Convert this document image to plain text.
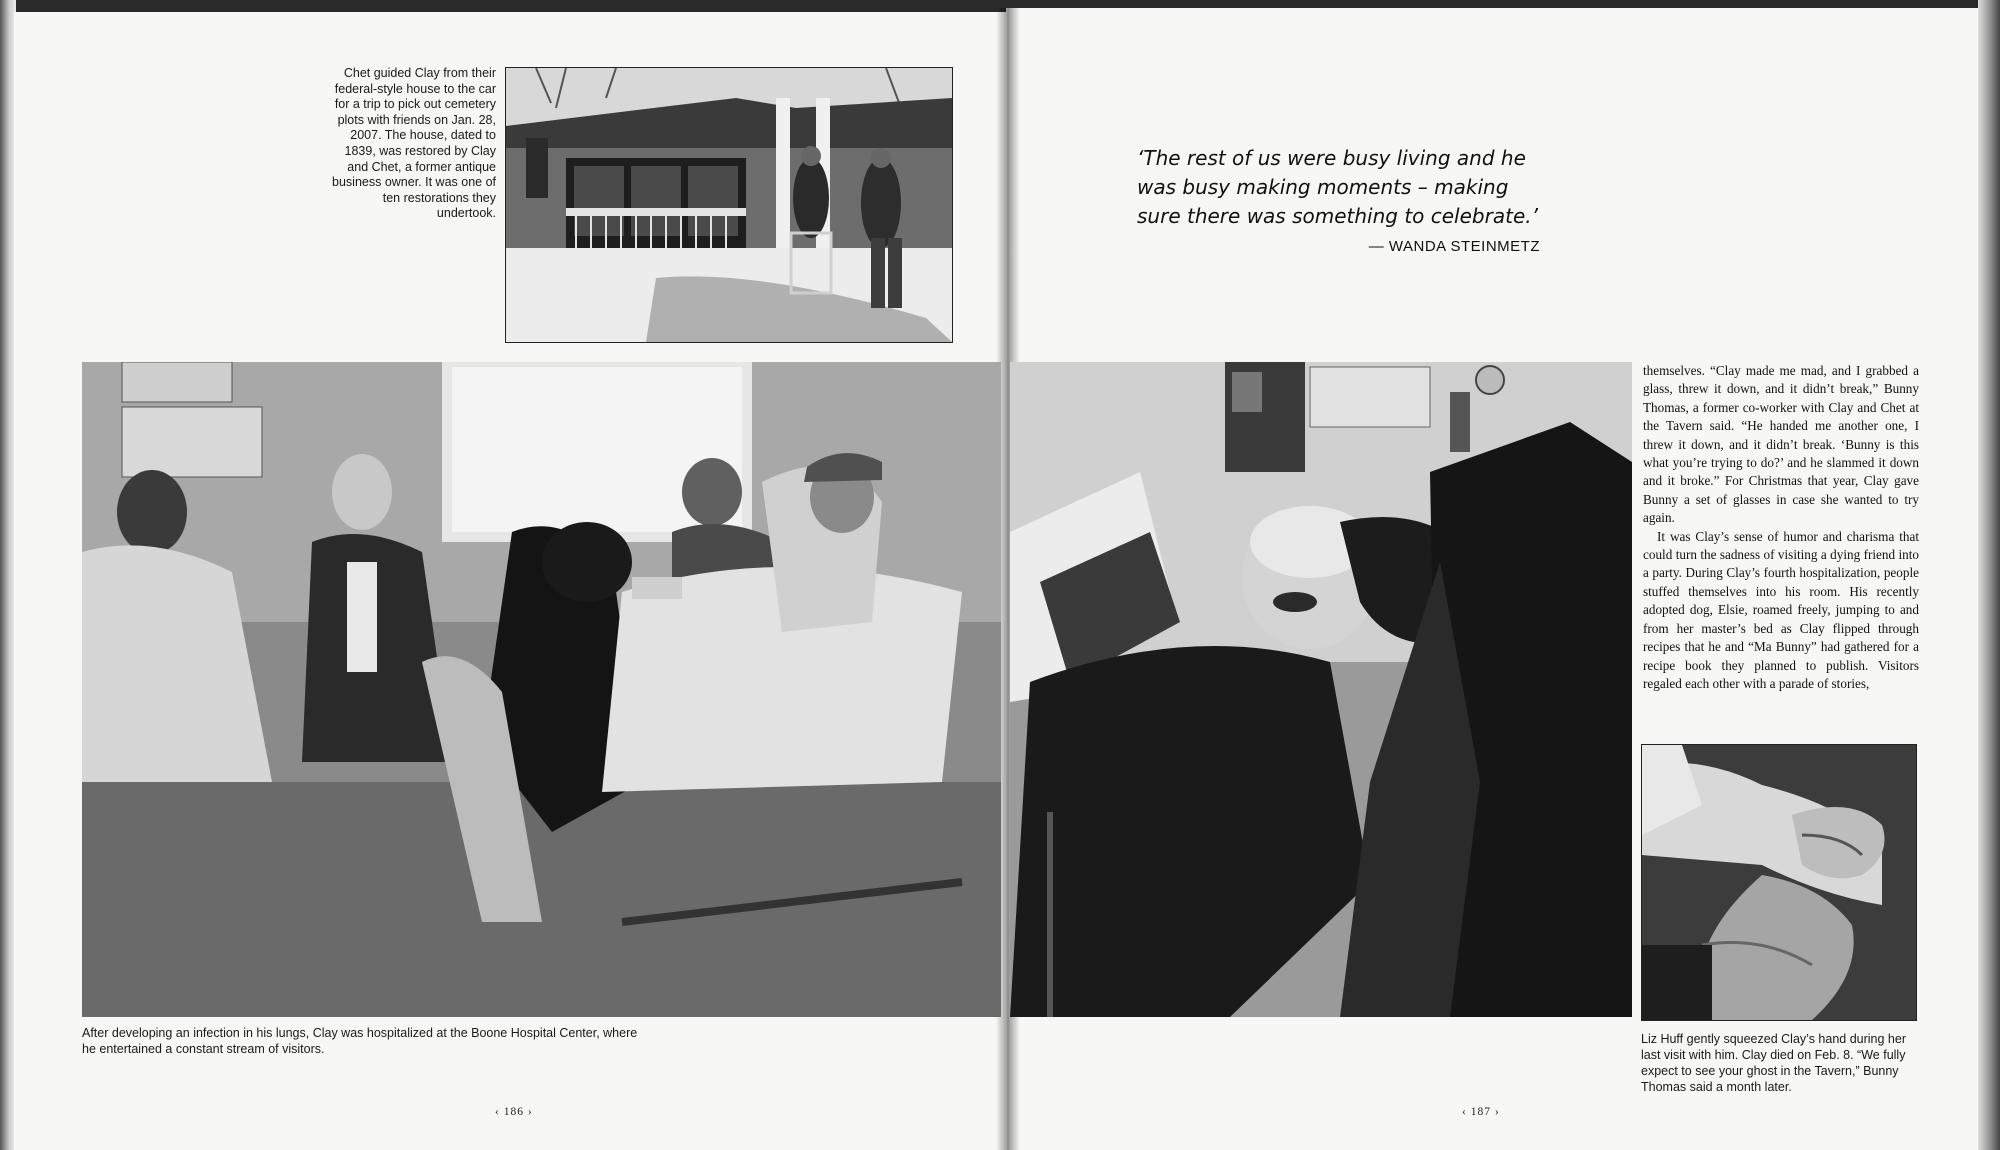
Chet guided Clay from their federal-style house to the car for a trip to pick out cemetery plots with friends on Jan. 28, 2007. The house, dated to 1839, was restored by Clay and Chet, a former antique business owner. It was one of ten restorations they undertook.
After developing an infection in his lungs, Clay was hospitalized at the Boone Hospital Center, where he entertained a constant stream of visitors.
‹ 186 ›
‘The rest of us were busy living and he was busy making moments – making sure there was something to celebrate.’
— WANDA STEINMETZ

themselves. “Clay made me mad, and I grabbed a glass, threw it down, and it didn’t break,” Bunny Thomas, a former co-worker with Clay and Chet at the Tavern said. “He handed me another one, I threw it down, and it didn’t break. ‘Bunny is this what you’re trying to do?’ and he slammed it down and it broke.” For Christmas that year, Clay gave Bunny a set of glasses in case she wanted to try again.

It was Clay’s sense of humor and charisma that could turn the sadness of visiting a dying friend into a party. During Clay’s fourth hospitalization, people stuffed themselves into his room. His recently adopted dog, Elsie, roamed freely, jumping to and from her master’s bed as Clay flipped through recipes that he and “Ma Bunny” had gathered for a recipe book they planned to publish. Visitors regaled each other with a parade of stories,

Liz Huff gently squeezed Clay’s hand during her last visit with him. Clay died on Feb. 8. “We fully expect to see your ghost in the Tavern,” Bunny Thomas said a month later.
‹ 187 ›
